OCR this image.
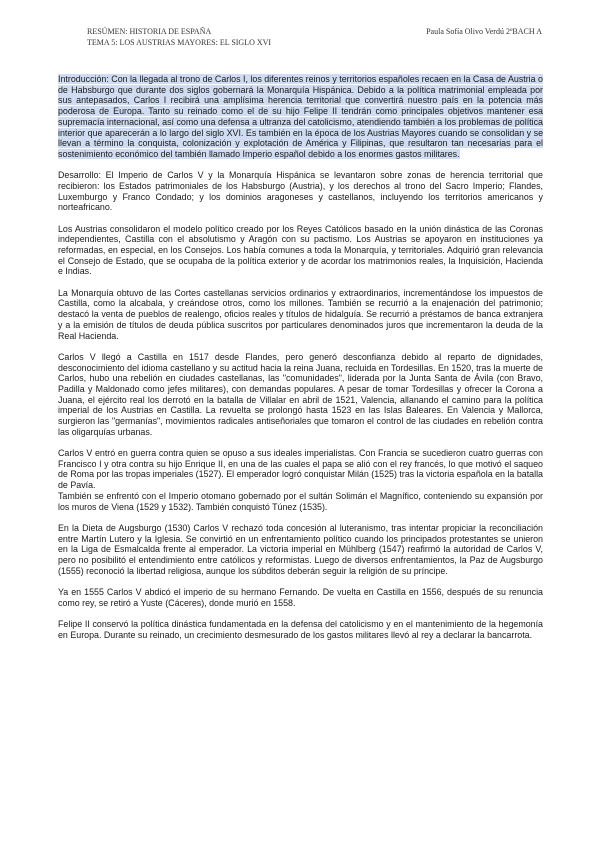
RESÚMEN: HISTORIA DE ESPAÑA	Paula Sofía Olivo Verdú 2ºBACH A
TEMA 5: LOS AUSTRIAS MAYORES: EL SIGLO XVI

Introducción: Con la llegada al trono de Carlos I, los diferentes reinos y territorios españoles recaen en la Casa de Austria o de Habsburgo que durante dos siglos gobernará la Monarquía Hispánica. Debido a la política matrimonial empleada por sus antepasados, Carlos I recibirá una amplísima herencia territorial que convertirá nuestro país en la potencia más poderosa de Europa. Tanto su reinado como el de su hijo Felipe II tendrán como principales objetivos mantener esa supremacía internacional, así como una defensa a ultranza del catolicismo, atendiendo también a los problemas de política interior que aparecerán a lo largo del siglo XVI. Es también en la época de los Austrias Mayores cuando se consolidan y se llevan a término la conquista, colonización y explotación de América y Filipinas, que resultaron tan necesarias para el sostenimiento económico del también llamado Imperio español debido a los enormes gastos militares.

Desarrollo: El Imperio de Carlos V y la Monarquía Hispánica se levantaron sobre zonas de herencia territorial que recibieron: los Estados patrimoniales de los Habsburgo (Austria), y los derechos al trono del Sacro Imperio; Flandes, Luxemburgo y Franco Condado; y los dominios aragoneses y castellanos, incluyendo los territorios americanos y norteafricano.

Los Austrias consolidaron el modelo político creado por los Reyes Católicos basado en la unión dinástica de las Coronas independientes, Castilla con el absolutismo y Aragón con su pactismo. Los Austrias se apoyaron en instituciones ya reformadas, en especial, en los Consejos. Los había comunes a toda la Monarquía, y territoriales. Adquirió gran relevancia el Consejo de Estado, que se ocupaba de la política exterior y de acordar los matrimonios reales, la Inquisición, Hacienda e Indias.

La Monarquía obtuvo de las Cortes castellanas servicios ordinarios y extraordinarios, incrementándose los impuestos de Castilla, como la alcabala, y creándose otros, como los millones. También se recurrió a la enajenación del patrimonio; destacó la venta de pueblos de realengo, oficios reales y títulos de hidalguía. Se recurrió a préstamos de banca extranjera y a la emisión de títulos de deuda pública suscritos por particulares denominados juros que incrementaron la deuda de la Real Hacienda.

Carlos V llegó a Castilla en 1517 desde Flandes, pero generó desconfianza debido al reparto de dignidades, desconocimiento del idioma castellano y su actitud hacia la reina Juana, recluida en Tordesillas. En 1520, tras la muerte de Carlos, hubo una rebelión en ciudades castellanas, las "comunidades", liderada por la Junta Santa de Ávila (con Bravo, Padilla y Maldonado como jefes militares), con demandas populares. A pesar de tomar Tordesillas y ofrecer la Corona a Juana, el ejército real los derrotó en la batalla de Villalar en abril de 1521, Valencia, allanando el camino para la política imperial de los Austrias en Castilla. La revuelta se prolongó hasta 1523 en las Islas Baleares. En Valencia y Mallorca, surgieron las "germanías", movimientos radicales antiseñoriales que tomaron el control de las ciudades en rebelión contra las oligarquías urbanas.

Carlos V entró en guerra contra quien se opuso a sus ideales imperialistas. Con Francia se sucedieron cuatro guerras con Francisco I y otra contra su hijo Enrique II, en una de las cuales el papa se alió con el rey francés, lo que motivó el saqueo de Roma por las tropas imperiales (1527). El emperador logró conquistar Milán (1525) tras la victoria española en la batalla de Pavía.
También se enfrentó con el Imperio otomano gobernado por el sultán Solimán el Magnífico, conteniendo su expansión por los muros de Viena (1529 y 1532). También conquistó Túnez (1535).

En la Dieta de Augsburgo (1530) Carlos V rechazó toda concesión al luteranismo, tras intentar propiciar la reconciliación entre Martín Lutero y la Iglesia. Se convirtió en un enfrentamiento político cuando los principados protestantes se unieron en la Liga de Esmalcalda frente al emperador. La victoria imperial en Mühlberg (1547) reafirmó la autoridad de Carlos V, pero no posibilitó el entendimiento entre católicos y reformistas. Luego de diversos enfrentamientos, la Paz de Augsburgo (1555) reconoció la libertad religiosa, aunque los súbditos deberán seguir la religión de su príncipe.

Ya en 1555 Carlos V abdicó el imperio de su hermano Fernando. De vuelta en Castilla en 1556, después de su renuncia como rey, se retiró a Yuste (Cáceres), donde murió en 1558.

Felipe II conservó la política dinástica fundamentada en la defensa del catolicismo y en el mantenimiento de la hegemonía en Europa. Durante su reinado, un crecimiento desmesurado de los gastos militares llevó al rey a declarar la bancarrota.
